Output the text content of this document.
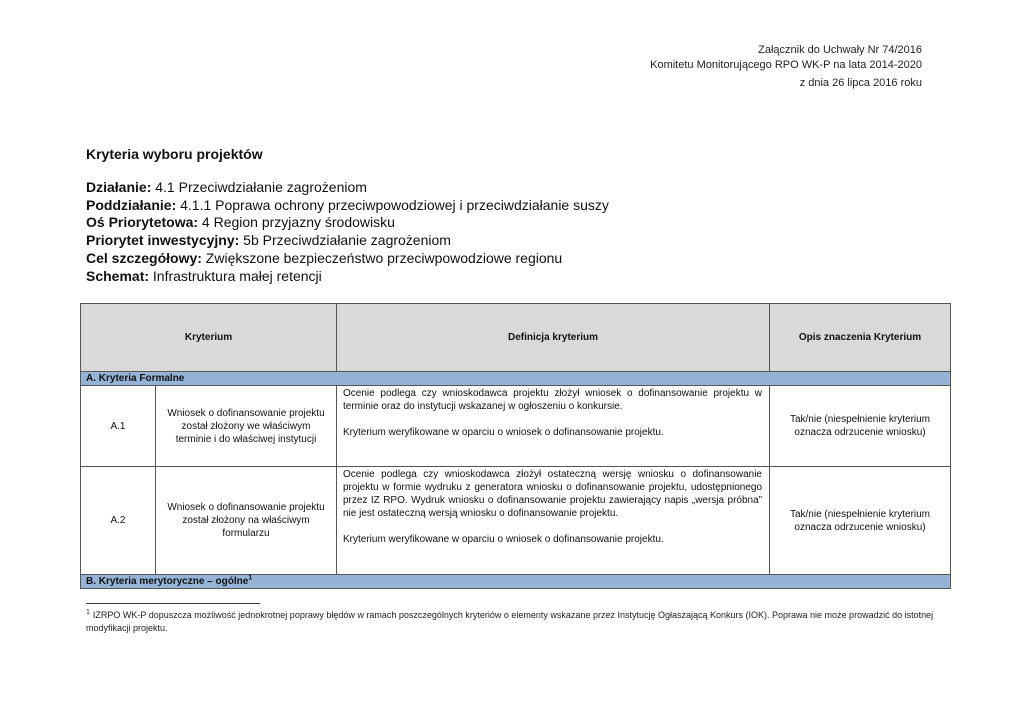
Załącznik do Uchwały Nr 74/2016
Komitetu Monitorującego RPO WK-P na lata 2014-2020
z dnia 26 lipca 2016 roku
Kryteria wyboru projektów
Działanie: 4.1 Przeciwdziałanie zagrożeniom
Poddziałanie: 4.1.1 Poprawa ochrony przeciwpowodziowej i przeciwdziałanie suszy
Oś Priorytetowa: 4 Region przyjazny środowisku
Priorytet inwestycyjny: 5b Przeciwdziałanie zagrożeniom
Cel szczegółowy: Zwiększone bezpieczeństwo przeciwpowodziowe regionu
Schemat: Infrastruktura małej retencji
Kryterium		Definicja kryterium	Opis znaczenia Kryterium
A. Kryteria Formalne			
A.1	Wniosek o dofinansowanie projektu został złożony we właściwym terminie i do właściwej instytucji	Ocenie podlega czy wnioskodawca projektu złożył wniosek o dofinansowanie projektu w terminie oraz do instytucji wskazanej w ogłoszeniu o konkursie.

Kryterium weryfikowane w oparciu o wniosek o dofinansowanie projektu.	Tak/nie (niespełnienie kryterium oznacza odrzucenie wniosku)
A.2	Wniosek o dofinansowanie projektu został złożony na właściwym formularzu	Ocenie podlega czy wnioskodawca złożył ostateczną wersję wniosku o dofinansowanie projektu w formie wydruku z generatora wniosku o dofinansowanie projektu, udostępnionego przez IZ RPO. Wydruk wniosku o dofinansowanie projektu zawierający napis „wersja próbna” nie jest ostateczną wersją wniosku o dofinansowanie projektu.

Kryterium weryfikowane w oparciu o wniosek o dofinansowanie projektu.	Tak/nie (niespełnienie kryterium oznacza odrzucenie wniosku)
B. Kryteria merytoryczne – ogólne$^1$
$^1$ IZRPO WK-P dopuszcza możliwość jednokrotnej poprawy błędów w ramach poszczególnych kryteriów o elementy wskazane przez Instytucję Ogłaszającą Konkurs (IOK). Poprawa nie może prowadzić do istotnej modyfikacji projektu.
